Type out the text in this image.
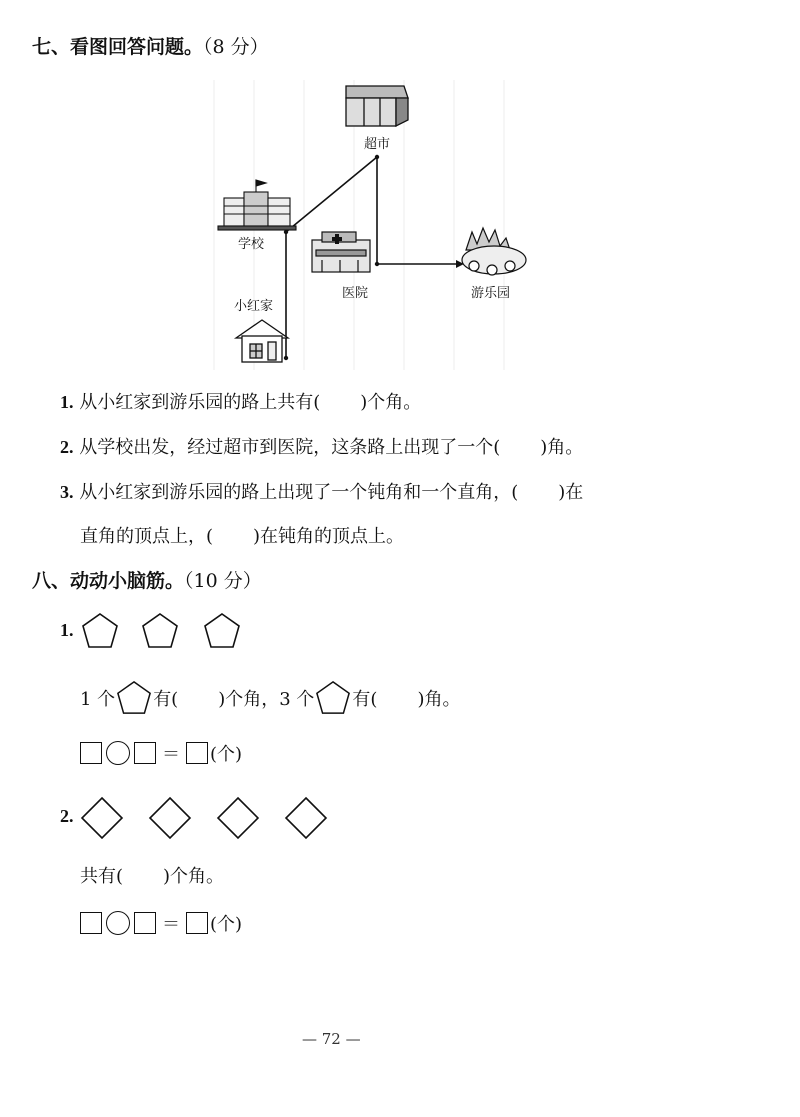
七、看图回答问题。（8 分）
超市
学校
医院	游乐园
小红家
1. 从小红家到游乐园的路上共有( )个角。
2. 从学校出发，经过超市到医院，这条路上出现了一个( )角。
3. 从小红家到游乐园的路上出现了一个钝角和一个直角，( )在
直角的顶点上，( )在钝角的顶点上。
八、动动小脑筋。（10 分）
1.
1 个 有( )个角，3 个 有( )角。
＝ (个)
2.
共有( )个角。
＝ (个)
— 72 —
